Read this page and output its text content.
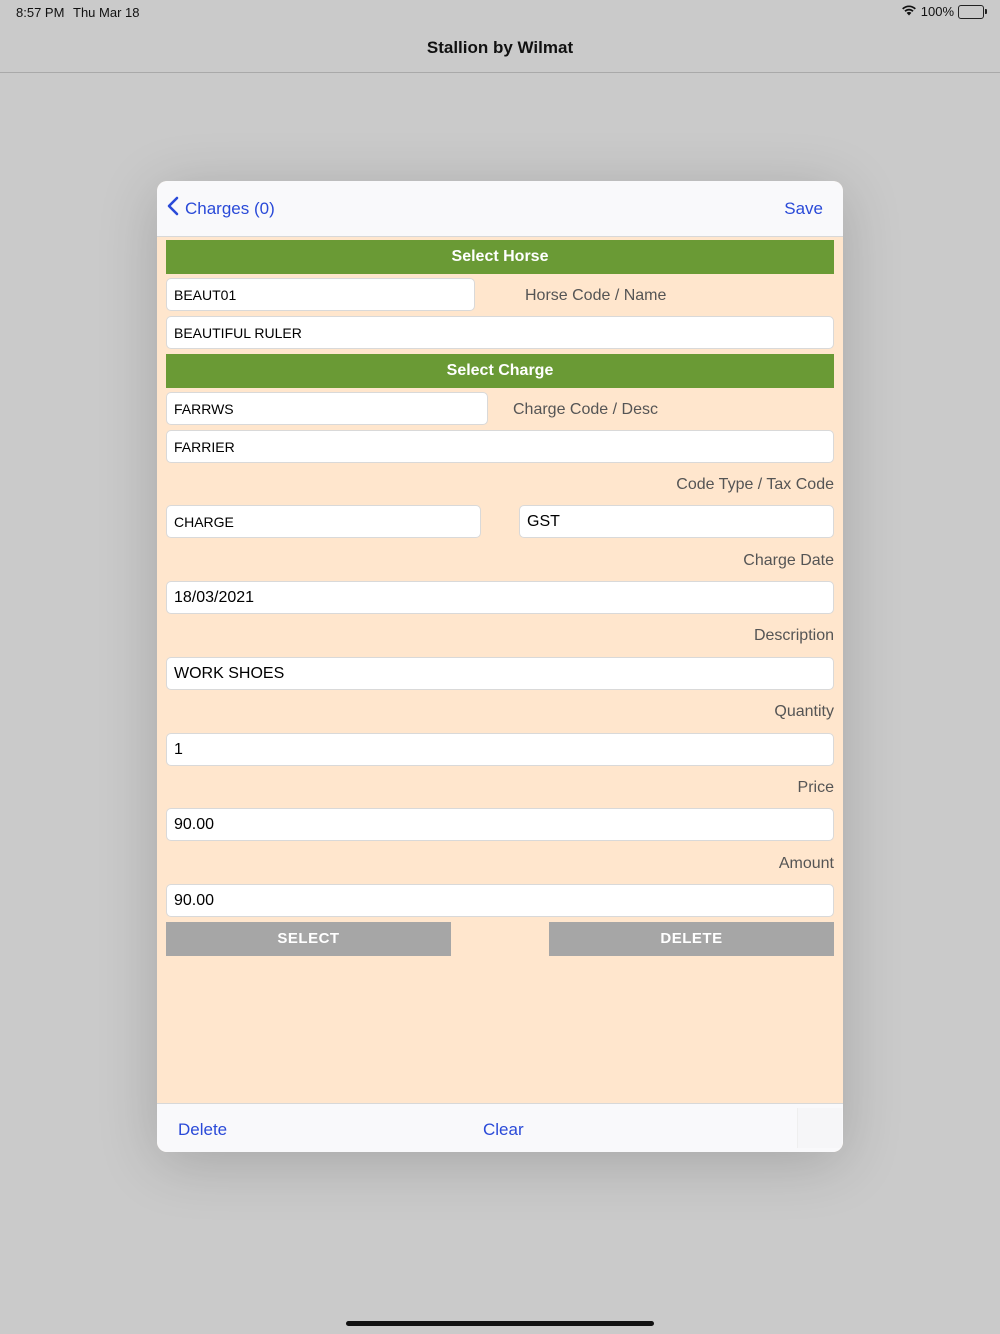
8:57 PM Thu Mar 18	100%
Stallion by Wilmat
Charges (0)	Save
Select Horse
BEAUT01
Horse Code / Name
BEAUTIFUL RULER
Select Charge
FARRWS
Charge Code / Desc
FARRIER
Code Type / Tax Code
CHARGE
GST
Charge Date
18/03/2021
Description
WORK SHOES
Quantity
1
Price
90.00
Amount
90.00
SELECT	DELETE
Delete	Clear
